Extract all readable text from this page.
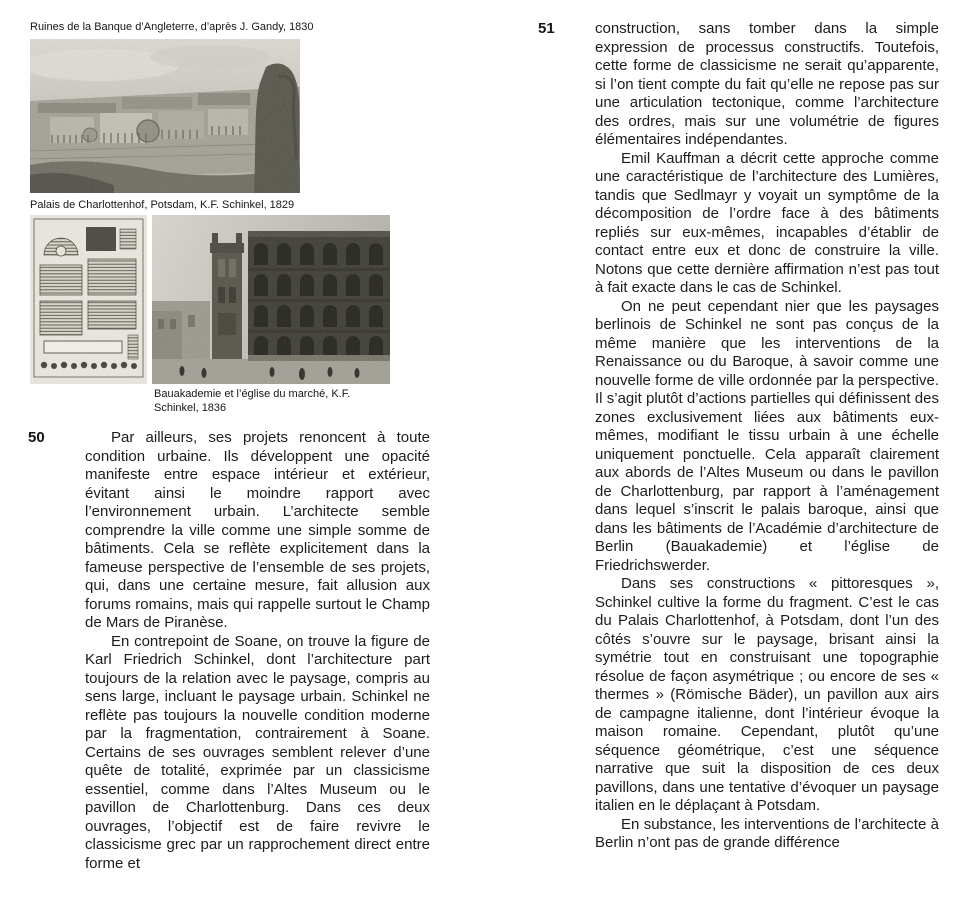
Ruines de la Banque d’Angleterre, d’après J. Gandy, 1830
Palais de Charlottenhof, Potsdam, K.F. Schinkel, 1829
Bauakademie et l’église du marché, K.F. Schinkel, 1836
50	Par ailleurs, ses projets renoncent à toute condition urbaine. Ils développent une opacité manifeste entre espace intérieur et extérieur, évitant ainsi le moindre rapport avec l’environnement urbain. L’architecte semble comprendre la ville comme une simple somme de bâtiments. Cela se reflète explicitement dans la fameuse perspective de l’ensemble de ses projets, qui, dans une certaine mesure, fait allusion aux forums romains, mais qui rappelle surtout le Champ de Mars de Piranèse.

En contrepoint de Soane, on trouve la figure de Karl Friedrich Schinkel, dont l’architecture part toujours de la relation avec le paysage, compris au sens large, incluant le paysage urbain. Schinkel ne reflète pas toujours la nouvelle condition moderne par la fragmentation, contrairement à Soane. Certains de ses ouvrages semblent relever d’une quête de totalité, exprimée par un classicisme essentiel, comme dans l’Altes Museum ou le pavillon de Charlottenburg. Dans ces deux ouvrages, l’objectif est de faire revivre le classicisme grec par un rapprochement direct entre forme et

51	construction, sans tomber dans la simple expression de processus constructifs. Toutefois, cette forme de classicisme ne serait qu’apparente, si l’on tient compte du fait qu’elle ne repose pas sur une articulation tectonique, comme l’architecture des ordres, mais sur une volumétrie de figures élémentaires indépendantes.

Emil Kauffman a décrit cette approche comme une caractéristique de l’architecture des Lumières, tandis que Sedlmayr y voyait un symptôme de la décomposition de l’ordre face à des bâtiments repliés sur eux-mêmes, incapables d’établir de contact entre eux et donc de construire la ville. Notons que cette dernière affirmation n’est pas tout à fait exacte dans le cas de Schinkel.

On ne peut cependant nier que les paysages berlinois de Schinkel ne sont pas conçus de la même manière que les interventions de la Renaissance ou du Baroque, à savoir comme une nouvelle forme de ville ordonnée par la perspective. Il s’agit plutôt d’actions partielles qui définissent des zones exclusivement liées aux bâtiments eux-mêmes, modifiant le tissu urbain à une échelle uniquement ponctuelle. Cela apparaît clairement aux abords de l’Altes Museum ou dans le pavillon de Charlottenburg, par rapport à l’aménagement dans lequel s’inscrit le palais baroque, ainsi que dans les bâtiments de l’Académie d’architecture de Berlin (Bauakademie) et l’église de Friedrichswerder.

Dans ses constructions « pittoresques », Schinkel cultive la forme du fragment. C’est le cas du Palais Charlottenhof, à Potsdam, dont l’un des côtés s’ouvre sur le paysage, brisant ainsi la symétrie tout en construisant une topographie résolue de façon asymétrique ; ou encore de ses « thermes » (Römische Bäder), un pavillon aux airs de campagne italienne, dont l’intérieur évoque la maison romaine. Cependant, plutôt qu’une séquence géométrique, c’est une séquence narrative que suit la disposition de ces deux pavillons, dans une tentative d’évoquer un paysage italien en le déplaçant à Potsdam.

En substance, les interventions de l’architecte à Berlin n’ont pas de grande différence
